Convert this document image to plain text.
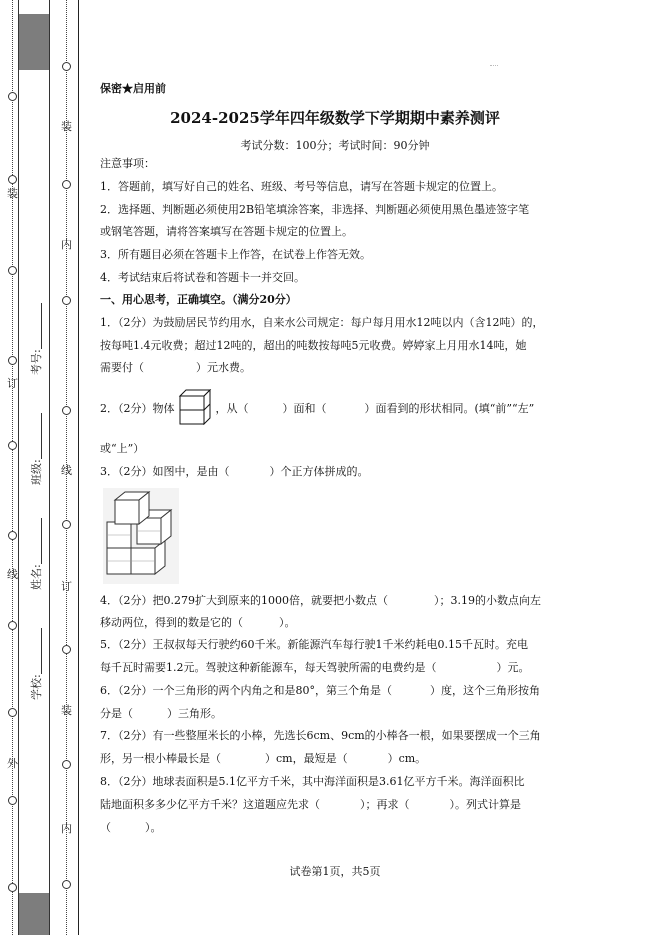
装
订
线
外
学校:
姓名:
班级:
考号:
装
内
线
订
装
内
保密★启用前
2024-2025学年四年级数学下学期期中素养测评
考试分数：100分；考试时间：90分钟
注意事项：
1．答题前，填写好自己的姓名、班级、考号等信息，请写在答题卡规定的位置上。
2．选择题、判断题必须使用2B铅笔填涂答案，非选择、判断题必须使用黑色墨迹签字笔
或钢笔答题，请将答案填写在答题卡规定的位置上。
3．所有题目必须在答题卡上作答，在试卷上作答无效。
4．考试结束后将试卷和答题卡一并交回。
一、用心思考，正确填空。（满分20分）
1．（2分）为鼓励居民节约用水，自来水公司规定：每户每月用水12吨以内（含12吨）的，
按每吨1.4元收费；超过12吨的，超出的吨数按每吨5元收费。婷婷家上月用水14吨，她
需要付（	）元水费。
2．（2分）物体	，从（	）面和（	）面看到的形状相同。(填“前”“左”
或“上”）
3．（2分）如图中，是由（	）个正方体拼成的。
4．（2分）把0.279扩大到原来的1000倍，就要把小数点（	）；3.19的小数点向左
移动两位，得到的数是它的（	）。
5．（2分）王叔叔每天行驶约60千米。新能源汽车每行驶1千米约耗电0.15千瓦时。充电
每千瓦时需要1.2元。驾驶这种新能源车，每天驾驶所需的电费约是（	）元。
6．（2分）一个三角形的两个内角之和是80°，第三个角是（	）度，这个三角形按角
分是（	）三角形。
7．（2分）有一些整厘米长的小棒，先选长6cm、9cm的小棒各一根，如果要摆成一个三角
形，另一根小棒最长是（	）cm，最短是（	）cm。
8．（2分）地球表面积是5.1亿平方千米，其中海洋面积是3.61亿平方千米。海洋面积比
陆地面积多多少亿平方千米？这道题应先求（	）；再求（	）。列式计算是
（	）。
试卷第1页，共5页
